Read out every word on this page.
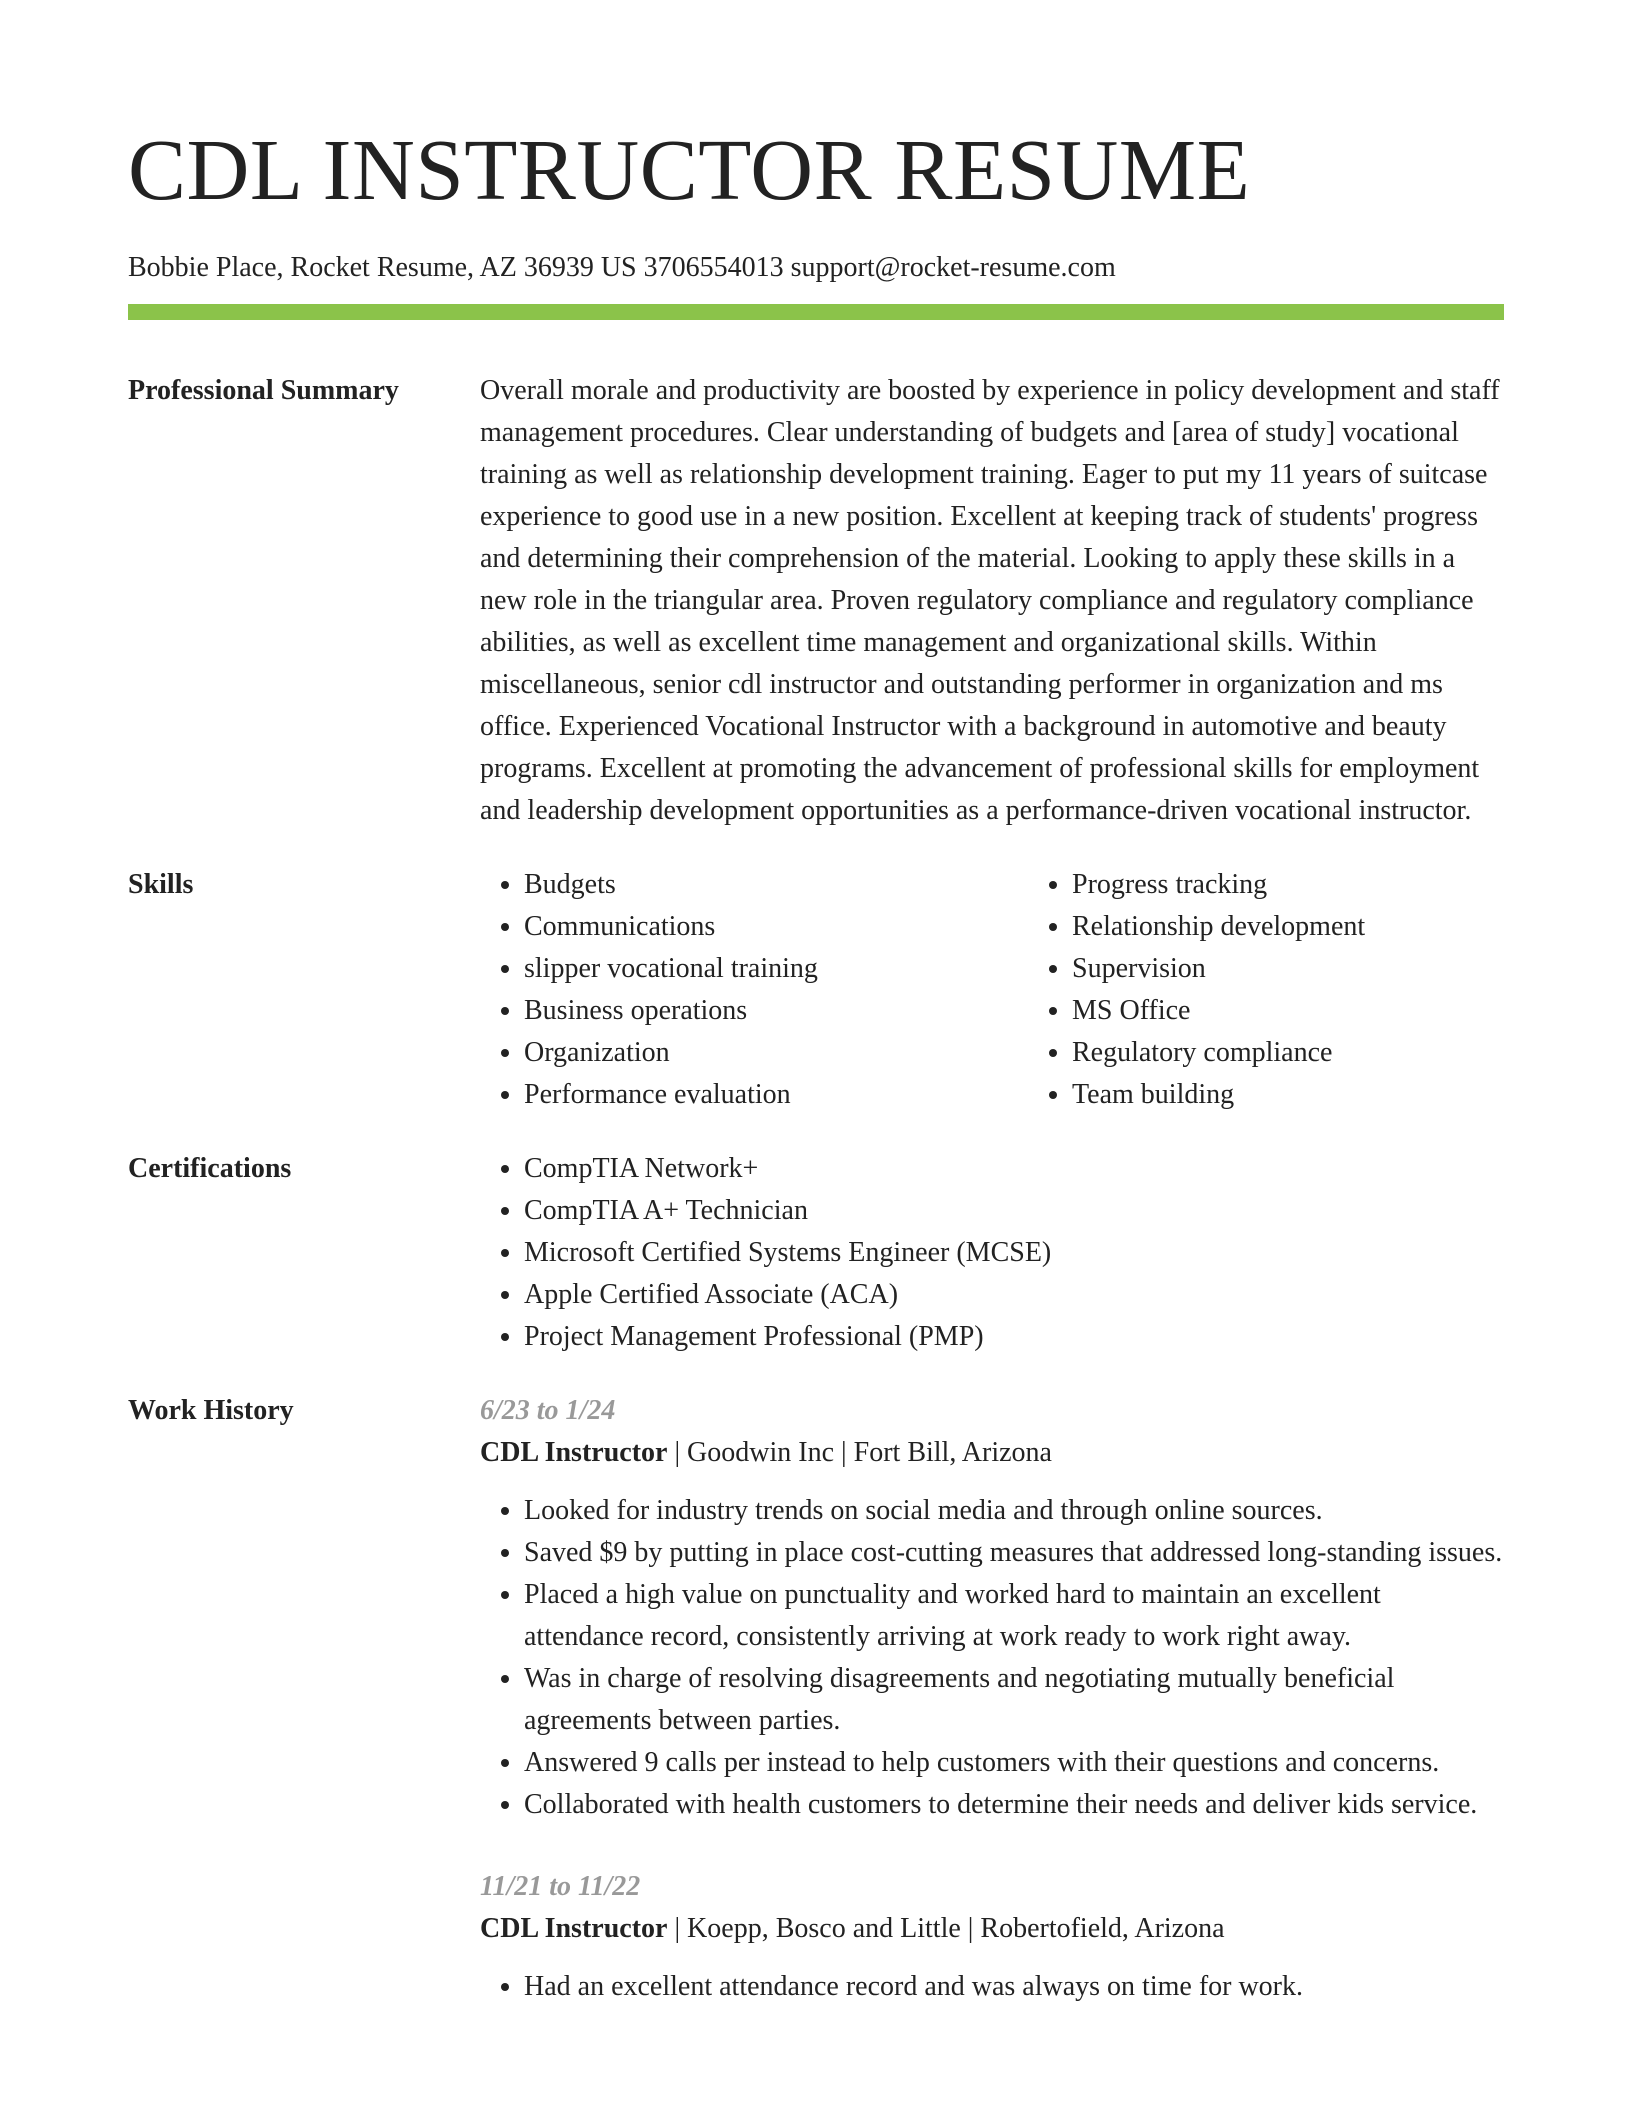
CDL INSTRUCTOR RESUME
Bobbie Place, Rocket Resume, AZ 36939 US 3706554013 support@rocket-resume.com
Professional Summary	Overall morale and productivity are boosted by experience in policy development and staff management procedures. Clear understanding of budgets and [area of study] vocational training as well as relationship development training. Eager to put my 11 years of suitcase experience to good use in a new position. Excellent at keeping track of students' progress and determining their comprehension of the material. Looking to apply these skills in a new role in the triangular area. Proven regulatory compliance and regulatory compliance abilities, as well as excellent time management and organizational skills. Within miscellaneous, senior cdl instructor and outstanding performer in organization and ms office. Experienced Vocational Instructor with a background in automotive and beauty programs. Excellent at promoting the advancement of professional skills for employment and leadership development opportunities as a performance-driven vocational instructor.

Skills	• Budgets
• Communications
• slipper vocational training
• Business operations
• Organization
• Performance evaluation
• Progress tracking
• Relationship development
• Supervision
• MS Office
• Regulatory compliance
• Team building
Certifications	• CompTIA Network+
• CompTIA A+ Technician
• Microsoft Certified Systems Engineer (MCSE)
• Apple Certified Associate (ACA)
• Project Management Professional (PMP)
Work History	6/23 to 1/24
CDL Instructor | Goodwin Inc | Fort Bill, Arizona
• Looked for industry trends on social media and through online sources.
• Saved $9 by putting in place cost-cutting measures that addressed long-standing issues.
• Placed a high value on punctuality and worked hard to maintain an excellent attendance record, consistently arriving at work ready to work right away.
• Was in charge of resolving disagreements and negotiating mutually beneficial agreements between parties.
• Answered 9 calls per instead to help customers with their questions and concerns.
• Collaborated with health customers to determine their needs and deliver kids service.
11/21 to 11/22
CDL Instructor | Koepp, Bosco and Little | Robertofield, Arizona
• Had an excellent attendance record and was always on time for work.
